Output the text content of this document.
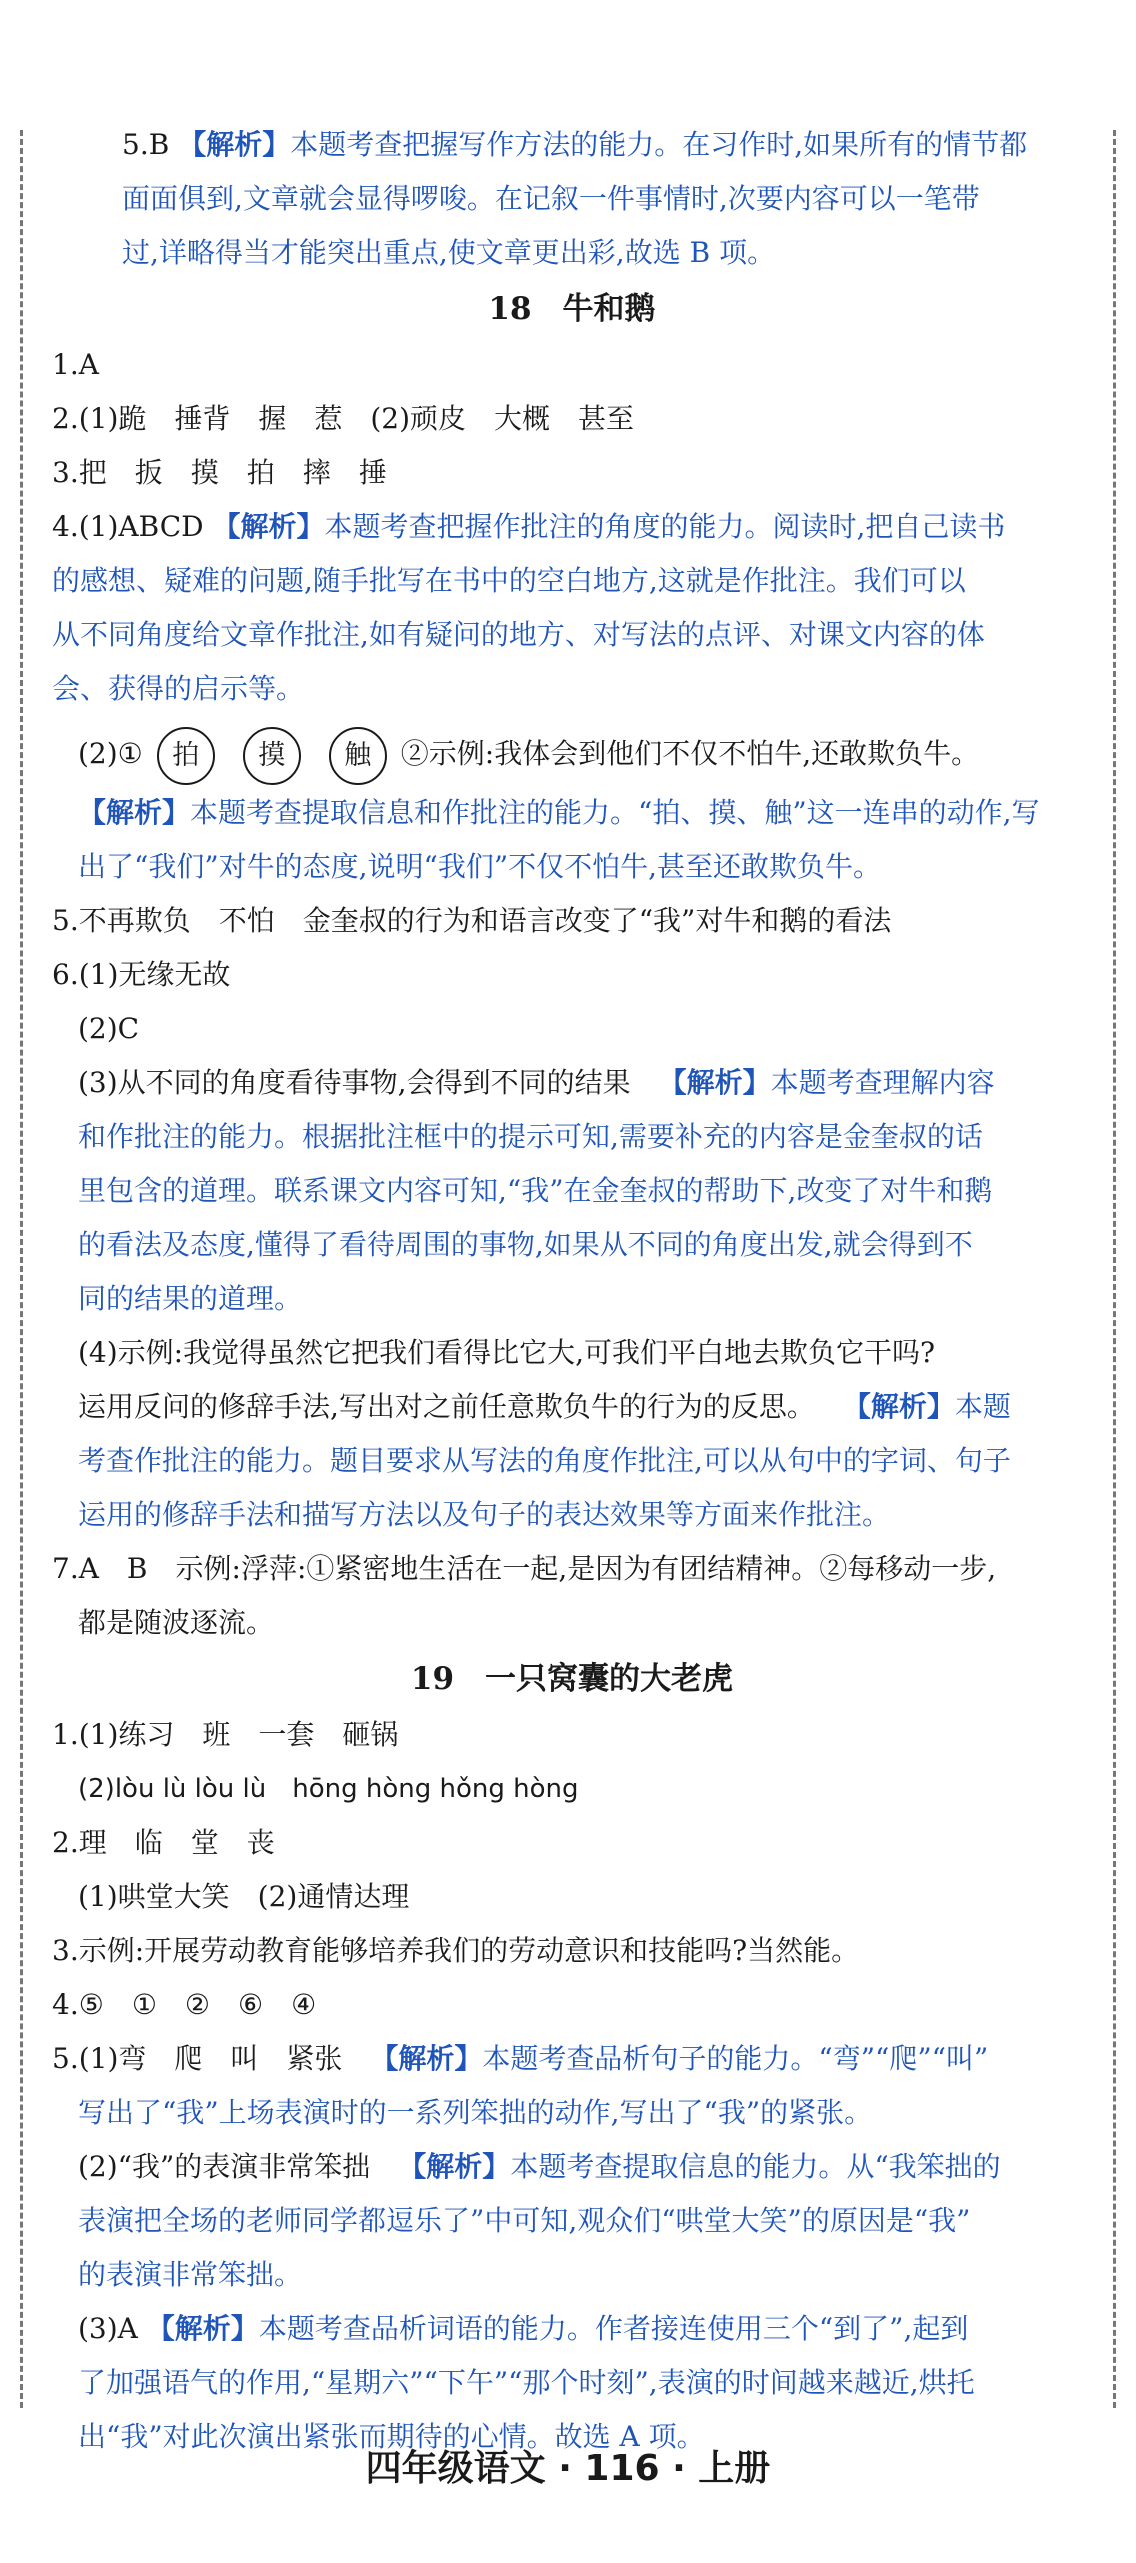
5.B 【解析】本题考查把握写作方法的能力。在习作时,如果所有的情节都
面面俱到,文章就会显得啰唆。在记叙一件事情时,次要内容可以一笔带
过,详略得当才能突出重点,使文章更出彩,故选 B 项。
18　牛和鹅
1.A
2.(1)跪　捶背　握　惹　(2)顽皮　大概　甚至
3.把　扳　摸　拍　摔　捶
4.(1)ABCD 【解析】本题考查把握作批注的角度的能力。阅读时,把自己读书
的感想、疑难的问题,随手批写在书中的空白地方,这就是作批注。我们可以
从不同角度给文章作批注,如有疑问的地方、对写法的点评、对课文内容的体
会、获得的启示等。
(2)① 拍 摸 触 ②示例:我体会到他们不仅不怕牛,还敢欺负牛。
【解析】本题考查提取信息和作批注的能力。“拍、摸、触”这一连串的动作,写
出了“我们”对牛的态度,说明“我们”不仅不怕牛,甚至还敢欺负牛。
5.不再欺负　不怕　金奎叔的行为和语言改变了“我”对牛和鹅的看法
6.(1)无缘无故
(2)C
(3)从不同的角度看待事物,会得到不同的结果 【解析】本题考查理解内容
和作批注的能力。根据批注框中的提示可知,需要补充的内容是金奎叔的话
里包含的道理。联系课文内容可知,“我”在金奎叔的帮助下,改变了对牛和鹅
的看法及态度,懂得了看待周围的事物,如果从不同的角度出发,就会得到不
同的结果的道理。
(4)示例:我觉得虽然它把我们看得比它大,可我们平白地去欺负它干吗?
运用反问的修辞手法,写出对之前任意欺负牛的行为的反思。 【解析】本题
考查作批注的能力。题目要求从写法的角度作批注,可以从句中的字词、句子
运用的修辞手法和描写方法以及句子的表达效果等方面来作批注。
7.A　B　示例:浮萍:①紧密地生活在一起,是因为有团结精神。②每移动一步,
都是随波逐流。
19　一只窝囊的大老虎
1.(1)练习　班　一套　砸锅
(2)lòu lù lòu lù　hōng hòng hǒng hòng
2.理　临　堂　丧
(1)哄堂大笑　(2)通情达理
3.示例:开展劳动教育能够培养我们的劳动意识和技能吗?当然能。
4.⑤　①　②　⑥　④
5.(1)弯　爬　叫　紧张 【解析】本题考查品析句子的能力。“弯”“爬”“叫”
写出了“我”上场表演时的一系列笨拙的动作,写出了“我”的紧张。
(2)“我”的表演非常笨拙 【解析】本题考查提取信息的能力。从“我笨拙的
表演把全场的老师同学都逗乐了”中可知,观众们“哄堂大笑”的原因是“我”
的表演非常笨拙。
(3)A 【解析】本题考查品析词语的能力。作者接连使用三个“到了”,起到
了加强语气的作用,“星期六”“下午”“那个时刻”,表演的时间越来越近,烘托
出“我”对此次演出紧张而期待的心情。故选 A 项。
四年级语文 · 116 · 上册
